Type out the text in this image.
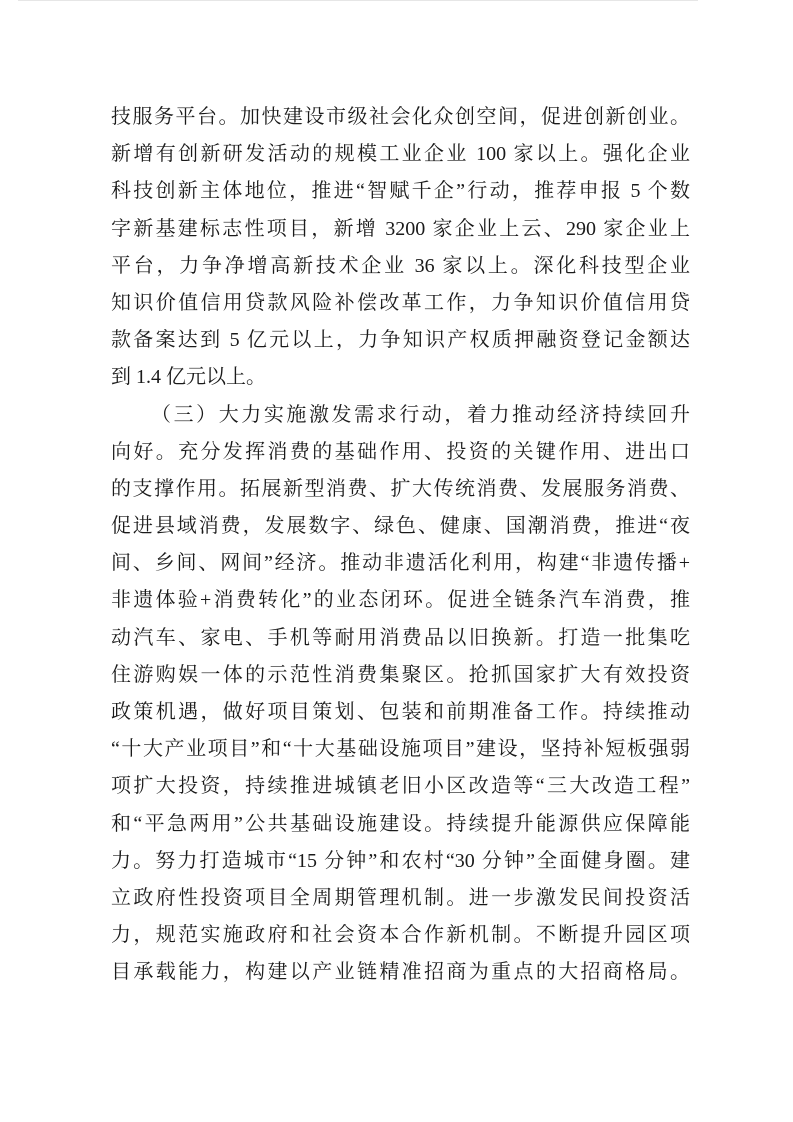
技服务平台。加快建设市级社会化众创空间，促进创新创业。
新增有创新研发活动的规模工业企业 100 家以上。强化企业
科技创新主体地位，推进“智赋千企”行动，推荐申报 5 个数
字新基建标志性项目，新增 3200 家企业上云、290 家企业上
平台，力争净增高新技术企业 36 家以上。深化科技型企业
知识价值信用贷款风险补偿改革工作，力争知识价值信用贷
款备案达到 5 亿元以上，力争知识产权质押融资登记金额达
到 1.4 亿元以上。
（三）大力实施激发需求行动，着力推动经济持续回升
向好。充分发挥消费的基础作用、投资的关键作用、进出口
的支撑作用。拓展新型消费、扩大传统消费、发展服务消费、
促进县域消费，发展数字、绿色、健康、国潮消费，推进“夜
间、乡间、网间”经济。推动非遗活化利用，构建“非遗传播+
非遗体验+消费转化”的业态闭环。促进全链条汽车消费，推
动汽车、家电、手机等耐用消费品以旧换新。打造一批集吃
住游购娱一体的示范性消费集聚区。抢抓国家扩大有效投资
政策机遇，做好项目策划、包装和前期准备工作。持续推动
“十大产业项目”和“十大基础设施项目”建设，坚持补短板强弱
项扩大投资，持续推进城镇老旧小区改造等“三大改造工程”
和“平急两用”公共基础设施建设。持续提升能源供应保障能
力。努力打造城市“15 分钟”和农村“30 分钟”全面健身圈。建
立政府性投资项目全周期管理机制。进一步激发民间投资活
力，规范实施政府和社会资本合作新机制。不断提升园区项
目承载能力，构建以产业链精准招商为重点的大招商格局。
